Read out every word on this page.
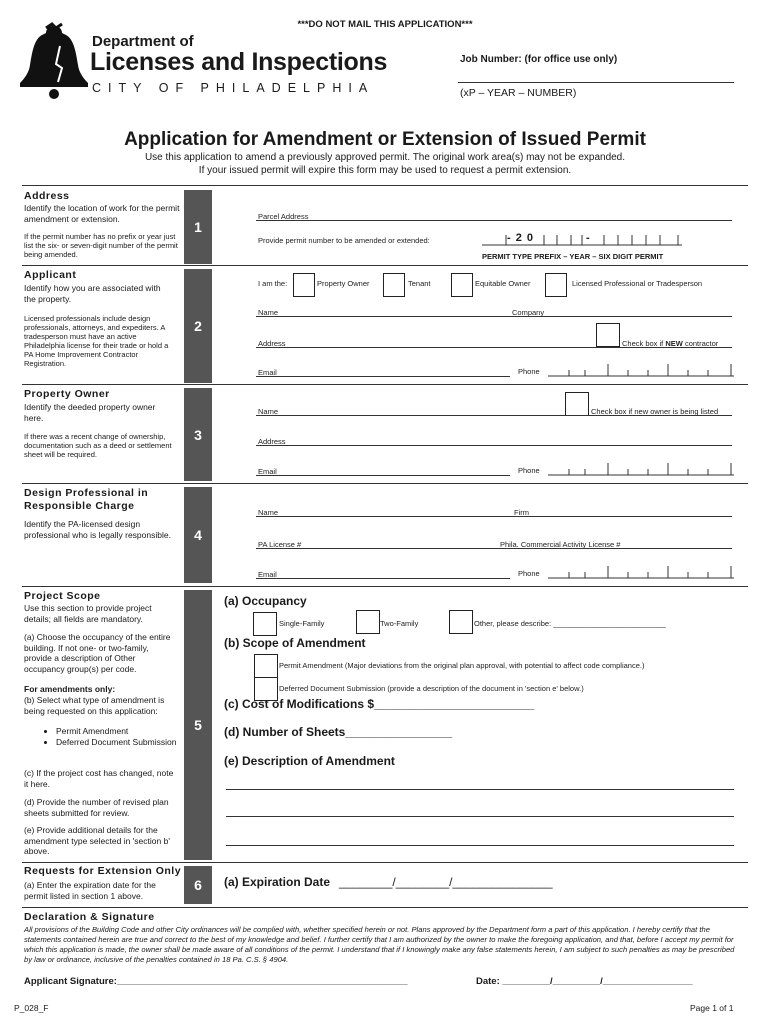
***DO NOT MAIL THIS APPLICATION***
Department of
Licenses and Inspections
CITY OF PHILADELPHIA
Job Number: (for office use only)
(xP – YEAR – NUMBER)
Application for Amendment or Extension of Issued Permit
Use this application to amend a previously approved permit. The original work area(s) may not be expanded.
If your issued permit will expire this form may be used to request a permit extension.
Address
Identify the location of work for the permit amendment or extension.
If the permit number has no prefix or year just list the six- or seven-digit number of the permit being amended.
1
Parcel Address
Provide permit number to be amended or extended:	- 2 0	-
PERMIT TYPE PREFIX – YEAR – SIX DIGIT PERMIT
Applicant
Identify how you are associated with the property.
Licensed professionals include design professionals, attorneys, and expediters. A tradesperson must have an active Philadelphia license for their trade or hold a PA Home Improvement Contractor Registration.
2
I am the:	Property Owner	Tenant	Equitable Owner	Licensed Professional or Tradesperson
Name	Company
Address	Check box if NEW contractor
Email	Phone
Property Owner
Identify the deeded property owner here.
If there was a recent change of ownership, documentation such as a deed or settlement sheet will be required.
3
Name	Check box if new owner is being listed
Address
Email	Phone
Design Professional in Responsible Charge
Identify the PA-licensed design professional who is legally responsible.	4
Name	Firm
PA License #	Phila. Commercial Activity License #
Email	Phone
Project Scope
Use this section to provide project details; all fields are mandatory.
(a) Choose the occupancy of the entire building. If not one- or two-family, provide a description of Other occupancy group(s) per code.
For amendments only:
(b) Select what type of amendment is being requested on this application:
• Permit Amendment
• Deferred Document Submission
(c) If the project cost has changed, note it here.
(d) Provide the number of revised plan sheets submitted for review.
(e) Provide additional details for the amendment type selected in 'section b' above.
5
(a) Occupancy
Single-Family	Two-Family	Other, please describe: ___________________________
(b) Scope of Amendment
Permit Amendment (Major deviations from the original plan approval, with potential to affect code compliance.)
Deferred Document Submission (provide a description of the document in 'section e' below.)
(c) Cost of Modifications $________________________
(d) Number of Sheets________________
(e) Description of Amendment
Requests for Extension Only
(a) Enter the expiration date for the permit listed in section 1 above.
6	(a) Expiration Date ________/________/_______________
Declaration & Signature
All provisions of the Building Code and other City ordinances will be complied with, whether specified herein or not. Plans approved by the Department form a part of this application. I hereby certify that the statements contained herein are true and correct to the best of my knowledge and belief. I further certify that I am authorized by the owner to make the foregoing application, and that, before I accept my permit for which this application is made, the owner shall be made aware of all conditions of the permit. I understand that if I knowingly make any false statements herein, I am subject to such penalties as may be prescribed by law or ordinance, inclusive of the penalties contained in 18 Pa. C.S. § 4904.
Applicant Signature:_______________________________________________________	Date: _________/_________/_________________
P_028_F	Page 1 of 1
